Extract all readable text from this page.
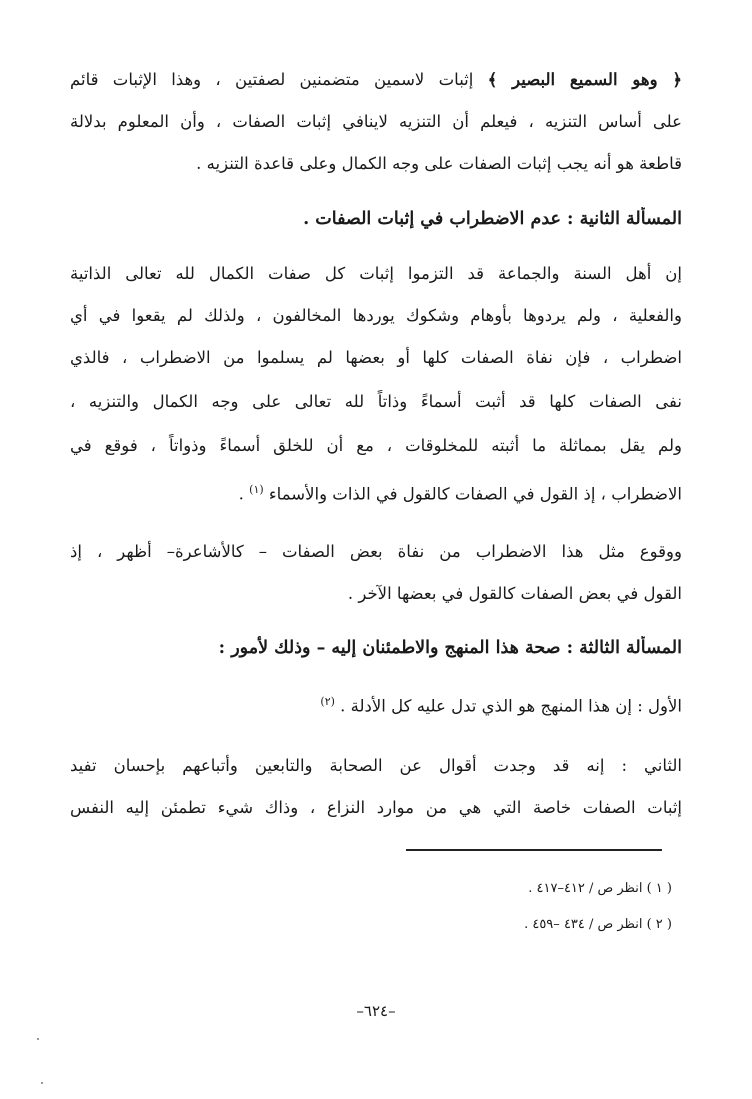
﴿ وهو السميع البصير ﴾ إثبات لاسمين متضمنين لصفتين ، وهذا الإثبات قائم
على أساس التنزيه ، فيعلم أن التنزيه لاينافي إثبات الصفات ، وأن المعلوم بدلالة
قاطعة هو أنه يجب إثبات الصفات على وجه الكمال وعلى قاعدة التنزيه .
المسألة الثانية : عدم الاضطراب في إثبات الصفات .
إن أهل السنة والجماعة قد التزموا إثبات كل صفات الكمال لله تعالى الذاتية
والفعلية ، ولم يردوها بأوهام وشكوك يوردها المخالفون ، ولذلك لم يقعوا في أي
اضطراب ، فإن نفاة الصفات كلها أو بعضها لم يسلموا من الاضطراب ، فالذي
نفى الصفات كلها قد أثبت أسماءً وذاتاً لله تعالى على وجه الكمال والتنزيه ،
ولم يقل بمماثلة ما أثبته للمخلوقات ، مع أن للخلق أسماءً وذواتاً ، فوقع في
الاضطراب ، إذ القول في الصفات كالقول في الذات والأسماء $^{(١)}$ .
ووقوع مثل هذا الاضطراب من نفاة بعض الصفات – كالأشاعرة– أظهر ، إذ
القول في بعض الصفات كالقول في بعضها الآخر .
المسألة الثالثة : صحة هذا المنهج والاطمئنان إليه – وذلك لأمور :
الأول : إن هذا المنهج هو الذي تدل عليه كل الأدلة . $^{(٢)}$
الثاني : إنه قد وجدت أقوال عن الصحابة والتابعين وأتباعهم بإحسان تفيد
إثبات الصفات خاصة التي هي من موارد النزاع ، وذاك شيء تطمئن إليه النفس
( ١ ) انظر ص / ٤١٢–٤١٧ .
( ٢ ) انظر ص / ٤٣٤ –٤٥٩ .
–٦٢٤–
